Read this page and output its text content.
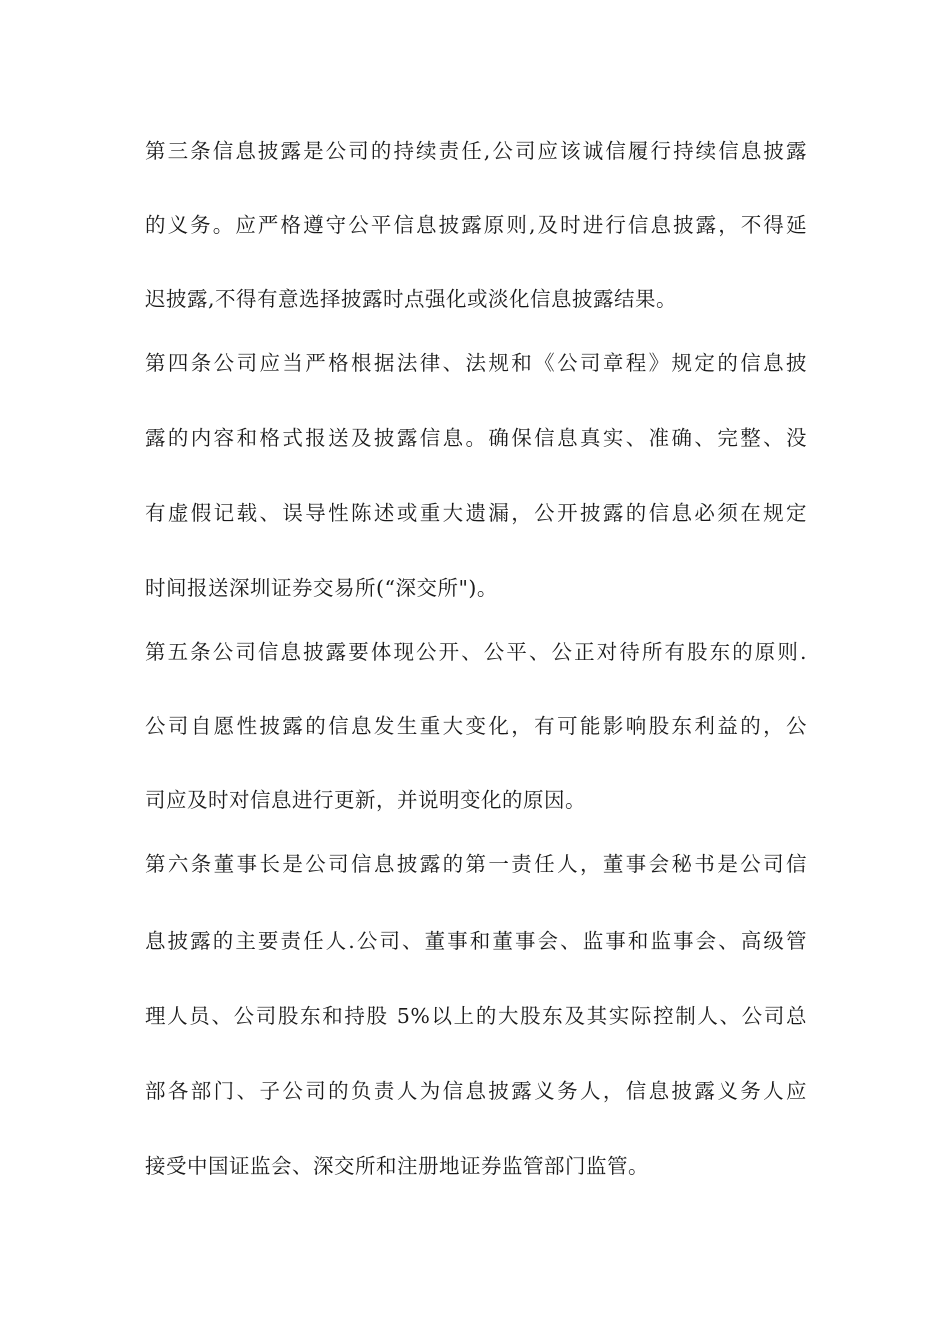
第三条信息披露是公司的持续责任,公司应该诚信履行持续信息披露
的义务。应严格遵守公平信息披露原则,及时进行信息披露，不得延
迟披露,不得有意选择披露时点强化或淡化信息披露结果。
第四条公司应当严格根据法律、法规和《公司章程》规定的信息披
露的内容和格式报送及披露信息。确保信息真实、准确、完整、没
有虚假记载、误导性陈述或重大遗漏，公开披露的信息必须在规定
时间报送深圳证券交易所(“深交所")。
第五条公司信息披露要体现公开、公平、公正对待所有股东的原则.
公司自愿性披露的信息发生重大变化，有可能影响股东利益的，公
司应及时对信息进行更新，并说明变化的原因。
第六条董事长是公司信息披露的第一责任人，董事会秘书是公司信
息披露的主要责任人.公司、董事和董事会、监事和监事会、高级管
理人员、公司股东和持股 5%以上的大股东及其实际控制人、公司总
部各部门、子公司的负责人为信息披露义务人，信息披露义务人应
接受中国证监会、深交所和注册地证券监管部门监管。
